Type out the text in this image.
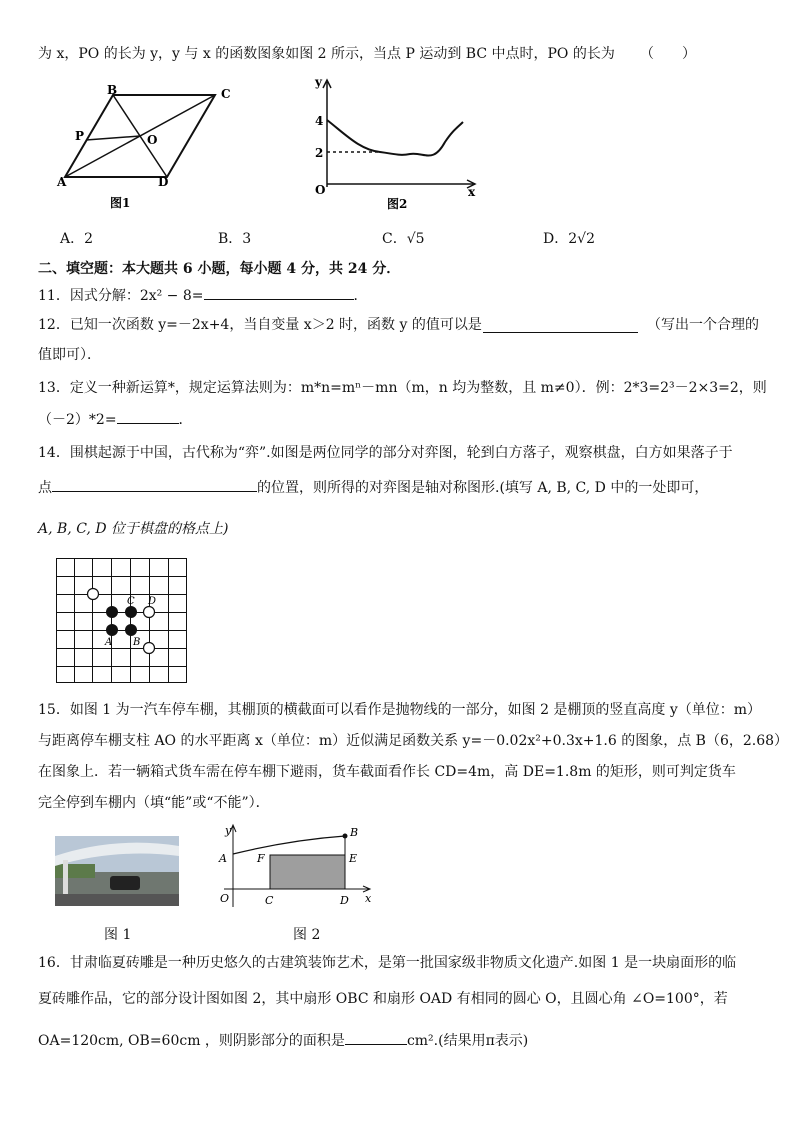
为 x，PO 的长为 y，y 与 x 的函数图象如图 2 所示，当点 P 运动到 BC 中点时，PO 的长为 （　　）
B	C
P	O
A	D
图1
y
x
O
4
2
图2
A．2	B．3	C．√5	D．2√2
二、填空题：本大题共 6 小题，每小题 4 分，共 24 分．
11．因式分解：2x² − 8=	．
12．已知一次函数 y=－2x+4，当自变量 x＞2 时，函数 y 的值可以是	（写出一个合理的
值即可）．
13．定义一种新运算*，规定运算法则为：m*n=mⁿ－mn（m，n 均为整数，且 m≠0）．例：2*3=2³－2×3=2，则
（－2）*2=	．
14．围棋起源于中国，古代称为“弈”.如图是两位同学的部分对弈图，轮到白方落子，观察棋盘，白方如果落子于
点	的位置，则所得的对弈图是轴对称图形.(填写 A, B, C, D 中的一处即可，
A, B, C, D 位于棋盘的格点上)
C D
A B
15．如图 1 为一汽车停车棚，其棚顶的横截面可以看作是抛物线的一部分，如图 2 是棚顶的竖直高度 y（单位：m）
与距离停车棚支柱 AO 的水平距离 x（单位：m）近似满足函数关系 y=－0.02x²+0.3x+1.6 的图象，点 B（6，2.68）
在图象上．若一辆箱式货车需在停车棚下避雨，货车截面看作长 CD=4m，高 DE=1.8m 的矩形，则可判定货车
完全停到车棚内（填“能”或“不能”）．
图 1
y
x
O
A
B
F	E
C	D
图 2
16．甘肃临夏砖雕是一种历史悠久的古建筑装饰艺术，是第一批国家级非物质文化遗产.如图 1 是一块扇面形的临
夏砖雕作品，它的部分设计图如图 2，其中扇形 OBC 和扇形 OAD 有相同的圆心 O，且圆心角 ∠O=100°，若
OA=120cm, OB=60cm ，则阴影部分的面积是	cm².(结果用π表示)
